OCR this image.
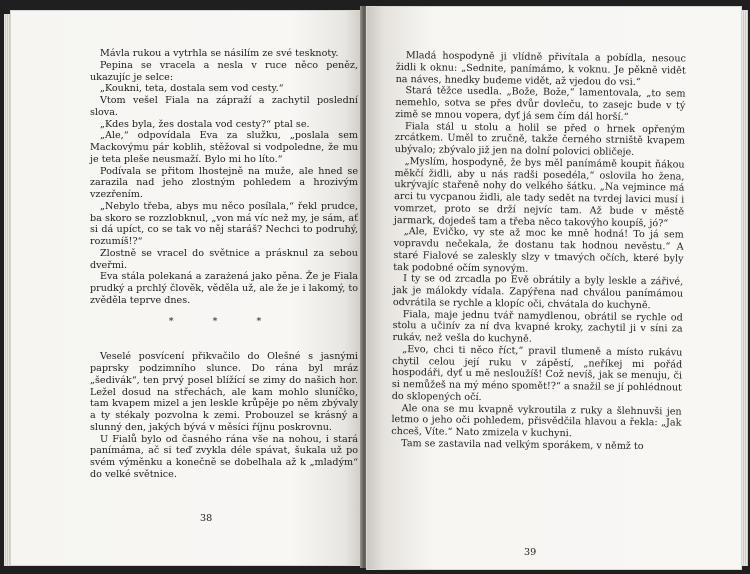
Mávla rukou a vytrhla se násilím ze své tesknoty.

Pepina se vracela a nesla v ruce něco peněz, ukazujíc je selce:

„Koukni, teta, dostala sem vod cesty.“

Vtom vešel Fiala na zápraží a zachytil poslední slova.

„Kdes byla, žes dostala vod cesty?“ ptal se.

„Ale,“ odpovídala Eva za služku, „poslala sem Mackovýmu pár koblih, stěžoval si vodpoledne, že mu je teta pleše neusmaží. Bylo mi ho líto.“

Podívala se přitom lhostejně na muže, ale hned se zarazila nad jeho zlostným pohledem a hrozivým vzezřením.

„Nebylo třeba, abys mu něco posílala,“ řekl prudce, ba skoro se rozzlobknul, „von má víc než my, je sám, ať si dá upíct, co se tak vo něj staráš? Nechci to podruhý, rozumíš!?“

Zlostně se vracel do světnice a prásknul za sebou dveřmi.

Eva stála polekaná a zarażená jako pěna. Že je Fiala prudký a prchlý člověk, věděla už, ale že je i lakomý, to zvěděla teprve dnes.

* * *

Veselé posvícení přikvačilo do Olešné s jasnými paprsky podzimního slunce. Do rána byl mráz „šedivák“, ten prvý posel blížící se zimy do našich hor. Ležel dosud na střechách, ale kam mohlo sluníčko, tam kvapem mizel a jen leskle krůpěje po něm zbývaly a ty stékaly pozvolna k zemi. Probouzel se krásný a slunný den, jakých bývá v měsíci říjnu poskrovnu.

U Fialů bylo od časného rána vše na nohou, i stará panímáma, ač si teď zvykla déle spávat, šukala už po svém výměnku a konečně se dobelhala až k „mladým“ do velké světnice.

38

Mladá hospodyně ji vlídně přivítala a pobídla, nesouc židli k oknu: „Sednite, panímámo, k voknu. Je pěkně vidět na náves, hnedky budeme vidět, až vjedou do vsi.“

Stará těžce usedla. „Bože, Bože,“ lamentovala, „to sem nemehlo, sotva se přes dvůr dovleču, to zasejc bude v tý zimě se mnou vopera, dyť já sem čím dál horší.“

Fiala stál u stolu a holil se před o hrnek opřeným zrcátkem. Uměl to zručně, takže černého strniště kvapem ubývalo; zbývalo již jen na dolní polovici obličeje.

„Myslím, hospodyně, že bys měl panímámě koupit ňákou měkčí židli, aby u nás radši posedéla,“ oslovila ho žena, ukrývajíc stařeně nohy do velkého šátku. „Na vejmince má arci tu vycpanou židli, ale tady sedět na tvrdej lavici musí i vomrzet, proto se drží nejvíc tam. Až bude v městě jarmark, dojedeš tam a třeba něco takovýho koupíš, jó?“

„Ale, Evičko, vy ste až moc ke mně hodná! To já sem vopravdu nečekala, že dostanu tak hodnou nevěstu.“ A staré Fialové se zaleskly slzy v tmavých očích, které byly tak podobné očím synovým.

I ty se od zrcadla po Evě obrátily a byly leskle a zářivé, jak je málokdy vídala. Zapýřena nad chválou panímámou odvrátila se rychle a klopíc oči, chvátala do kuchyně.

Fiala, maje jednu tvář namydlenou, obrátil se rychle od stolu a učinív za ní dva kvapné kroky, zachytil ji v síni za rukáv, než vešla do kuchyně.

„Evo, chci ti něco říct,“ pravil tlumeně a místo rukávu chytil celou její ruku v zápěstí, „neříkej mi pořád hospodáři, dyť u mě nesloužíš! Což nevíš, jak se menuju, či si nemůžeš na mý méno spomět!?“ a snažil se jí pohlédnout do sklopených očí.

Ale ona se mu kvapně vykroutila z ruky a šlehnuvši jen letmo o jeho oči pohledem, přisvědčila hlavou a řekla: „Jak chceš, Víte.“ Nato zmizela v kuchyni.

Tam se zastavila nad velkým sporákem, v němž to

39
